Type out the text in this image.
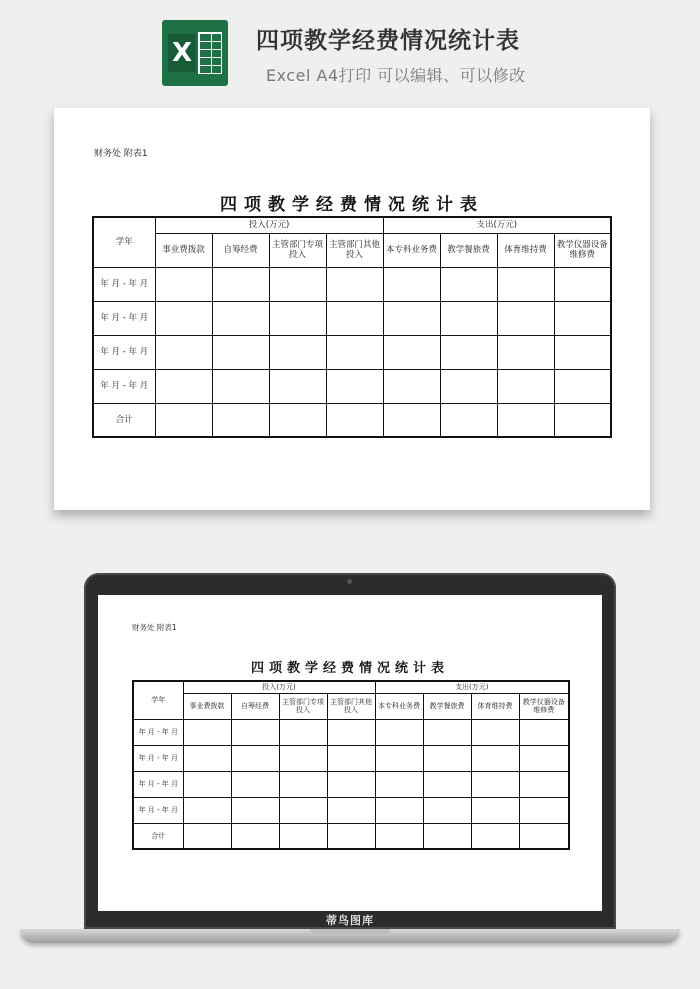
X	四项教学经费情况统计表
Excel A4打印 可以编辑、可以修改
财务处 附表1
四项教学经费情况统计表
学年	投入(万元)				支出(万元)			
	事业费拨款	自筹经费	主管部门专项投入	主管部门其他投入	本专科业务费	教学餐旅费	体育维持费	教学仪器设备维修费
年 月 - 年 月								
年 月 - 年 月								
年 月 - 年 月								
年 月 - 年 月								
合计								
财务处 附表1
四项教学经费情况统计表
学年	投入(万元)				支出(万元)			
	事业费拨款	自筹经费	主管部门专项投入	主管部门其他投入	本专科业务费	教学餐旅费	体育维持费	教学仪器设备维修费
年 月 - 年 月								
年 月 - 年 月								
年 月 - 年 月								
年 月 - 年 月								
合计								
蒂鸟图库
